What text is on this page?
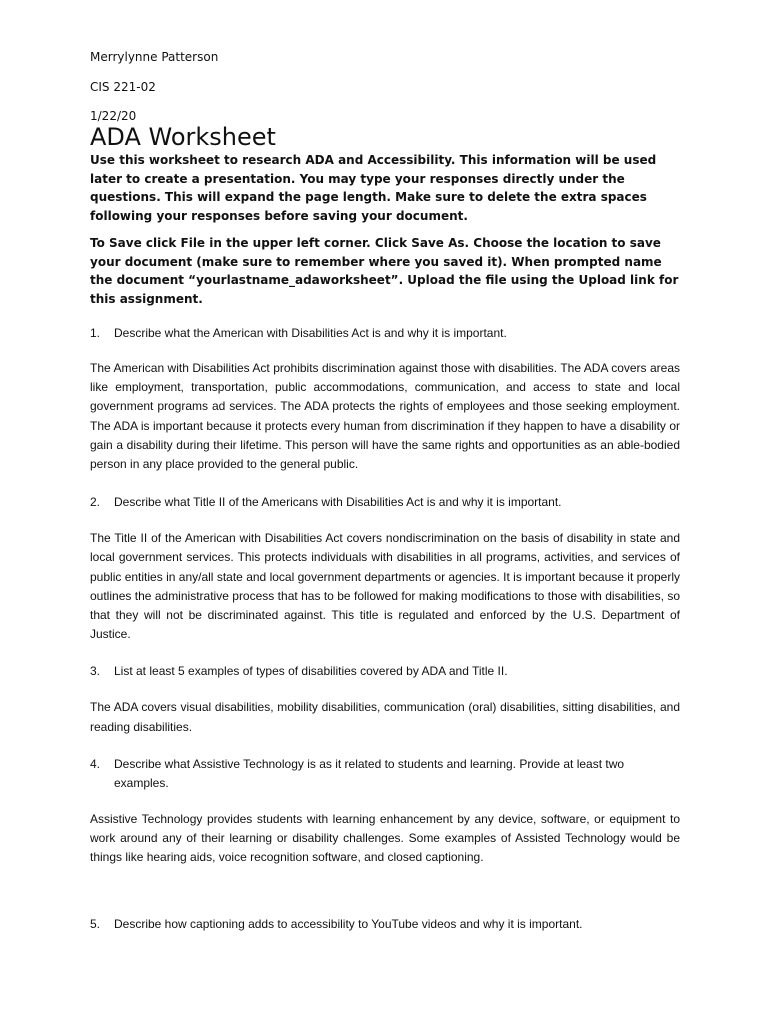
Merrylynne Patterson

CIS 221-02

1/22/20

ADA Worksheet

Use this worksheet to research ADA and Accessibility. This information will be used later to create a presentation. You may type your responses directly under the questions. This will expand the page length. Make sure to delete the extra spaces following your responses before saving your document.

To Save click File in the upper left corner. Click Save As. Choose the location to save your document (make sure to remember where you saved it). When prompted name the document “yourlastname_adaworksheet”. Upload the file using the Upload link for this assignment.

1.	Describe what the American with Disabilities Act is and why it is important.

The American with Disabilities Act prohibits discrimination against those with disabilities. The ADA covers areas like employment, transportation, public accommodations, communication, and access to state and local government programs ad services. The ADA protects the rights of employees and those seeking employment. The ADA is important because it protects every human from discrimination if they happen to have a disability or gain a disability during their lifetime. This person will have the same rights and opportunities as an able-bodied person in any place provided to the general public.

2.	Describe what Title II of the Americans with Disabilities Act is and why it is important.

The Title II of the American with Disabilities Act covers nondiscrimination on the basis of disability in state and local government services. This protects individuals with disabilities in all programs, activities, and services of public entities in any/all state and local government departments or agencies. It is important because it properly outlines the administrative process that has to be followed for making modifications to those with disabilities, so that they will not be discriminated against. This title is regulated and enforced by the U.S. Department of Justice.

3.	List at least 5 examples of types of disabilities covered by ADA and Title II.

The ADA covers visual disabilities, mobility disabilities, communication (oral) disabilities, sitting disabilities, and reading disabilities.

4.	Describe what Assistive Technology is as it related to students and learning. Provide at least two examples.

Assistive Technology provides students with learning enhancement by any device, software, or equipment to work around any of their learning or disability challenges. Some examples of Assisted Technology would be things like hearing aids, voice recognition software, and closed captioning.

5.	Describe how captioning adds to accessibility to YouTube videos and why it is important.
